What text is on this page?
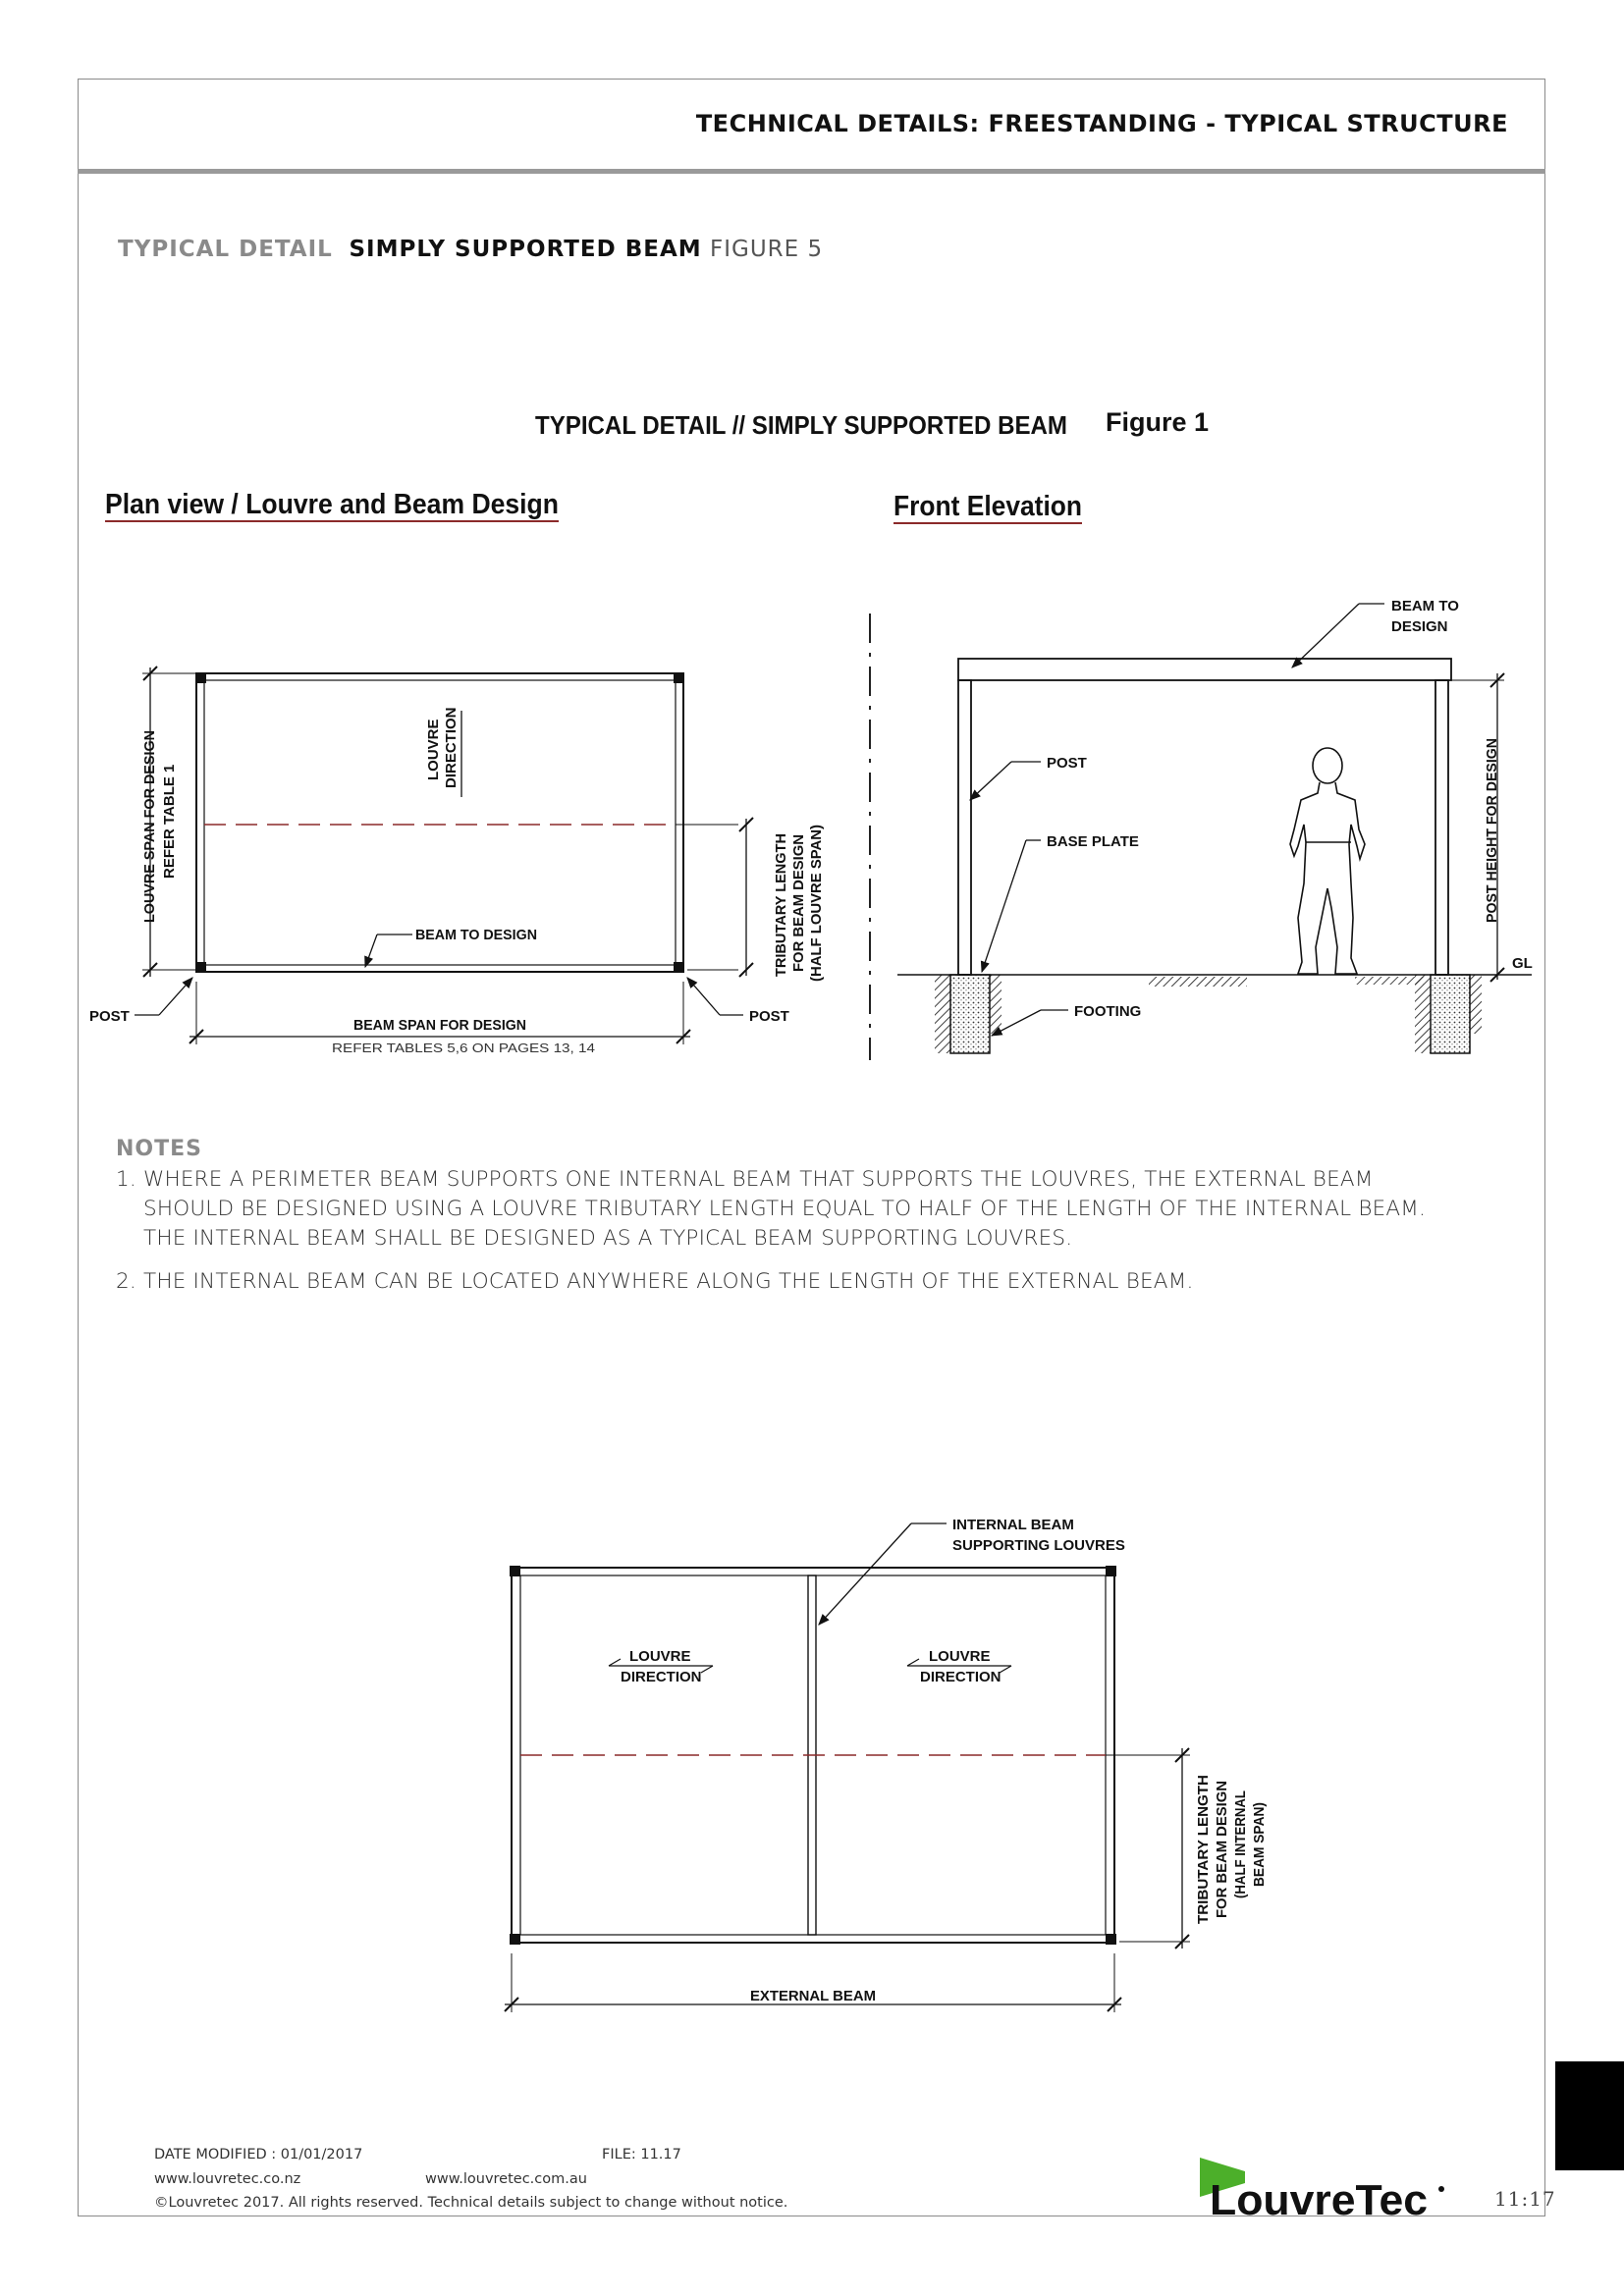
TECHNICAL DETAILS: FREESTANDING - TYPICAL STRUCTURE
TYPICAL DETAIL SIMPLY SUPPORTED BEAM FIGURE 5
TYPICAL DETAIL // SIMPLY SUPPORTED BEAM Figure 1
Plan view / Louvre and Beam Design	Front Elevation
LOUVRE DIRECTION
LOUVRE SPAN FOR DESIGN REFER TABLE 1
TRIBUTARY LENGTH FOR BEAM DESIGN (HALF LOUVRE SPAN)
BEAM TO DESIGN
POST	POST
BEAM SPAN FOR DESIGN
REFER TABLES 5,6 ON PAGES 13, 14
BEAM TO
DESIGN
POST
BASE PLATE
FOOTING
POST HEIGHT FOR DESIGN
GL
NOTES
1. WHERE A PERIMETER BEAM SUPPORTS ONE INTERNAL BEAM THAT SUPPORTS THE LOUVRES, THE EXTERNAL BEAM
SHOULD BE DESIGNED USING A LOUVRE TRIBUTARY LENGTH EQUAL TO HALF OF THE LENGTH OF THE INTERNAL BEAM.
THE INTERNAL BEAM SHALL BE DESIGNED AS A TYPICAL BEAM SUPPORTING LOUVRES.
2. THE INTERNAL BEAM CAN BE LOCATED ANYWHERE ALONG THE LENGTH OF THE EXTERNAL BEAM.
LOUVRE
DIRECTION
LOUVRE
DIRECTION
INTERNAL BEAM
SUPPORTING LOUVRES
TRIBUTARY LENGTH FOR BEAM DESIGN (HALF INTERNAL BEAM SPAN)
EXTERNAL BEAM
DATE MODIFIED : 01/01/2017	FILE: 11.17
www.louvretec.co.nz	www.louvretec.com.au
©Louvretec 2017. All rights reserved. Technical details subject to change without notice.	LouvreTec	11:17
